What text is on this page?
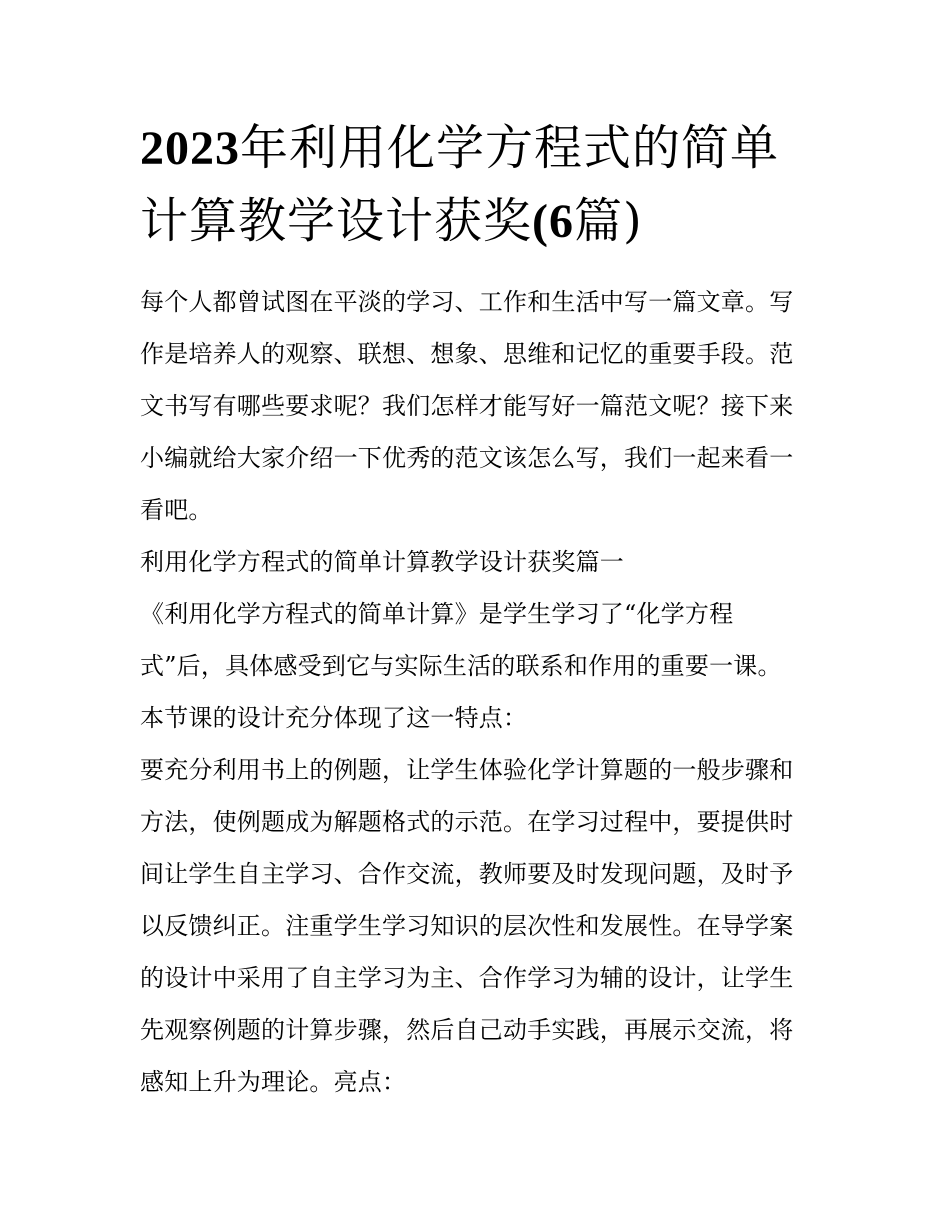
2023年利用化学方程式的简单
计算教学设计获奖(6篇)

每个人都曾试图在平淡的学习、工作和生活中写一篇文章。写
作是培养人的观察、联想、想象、思维和记忆的重要手段。范
文书写有哪些要求呢？我们怎样才能写好一篇范文呢？接下来
小编就给大家介绍一下优秀的范文该怎么写，我们一起来看一
看吧。

利用化学方程式的简单计算教学设计获奖篇一

《利用化学方程式的简单计算》是学生学习了“化学方程
式”后，具体感受到它与实际生活的联系和作用的重要一课。
本节课的设计充分体现了这一特点：

要充分利用书上的例题，让学生体验化学计算题的一般步骤和
方法，使例题成为解题格式的示范。在学习过程中，要提供时
间让学生自主学习、合作交流，教师要及时发现问题，及时予
以反馈纠正。注重学生学习知识的层次性和发展性。在导学案
的设计中采用了自主学习为主、合作学习为辅的设计，让学生
先观察例题的计算步骤，然后自己动手实践，再展示交流，将
感知上升为理论。亮点：
